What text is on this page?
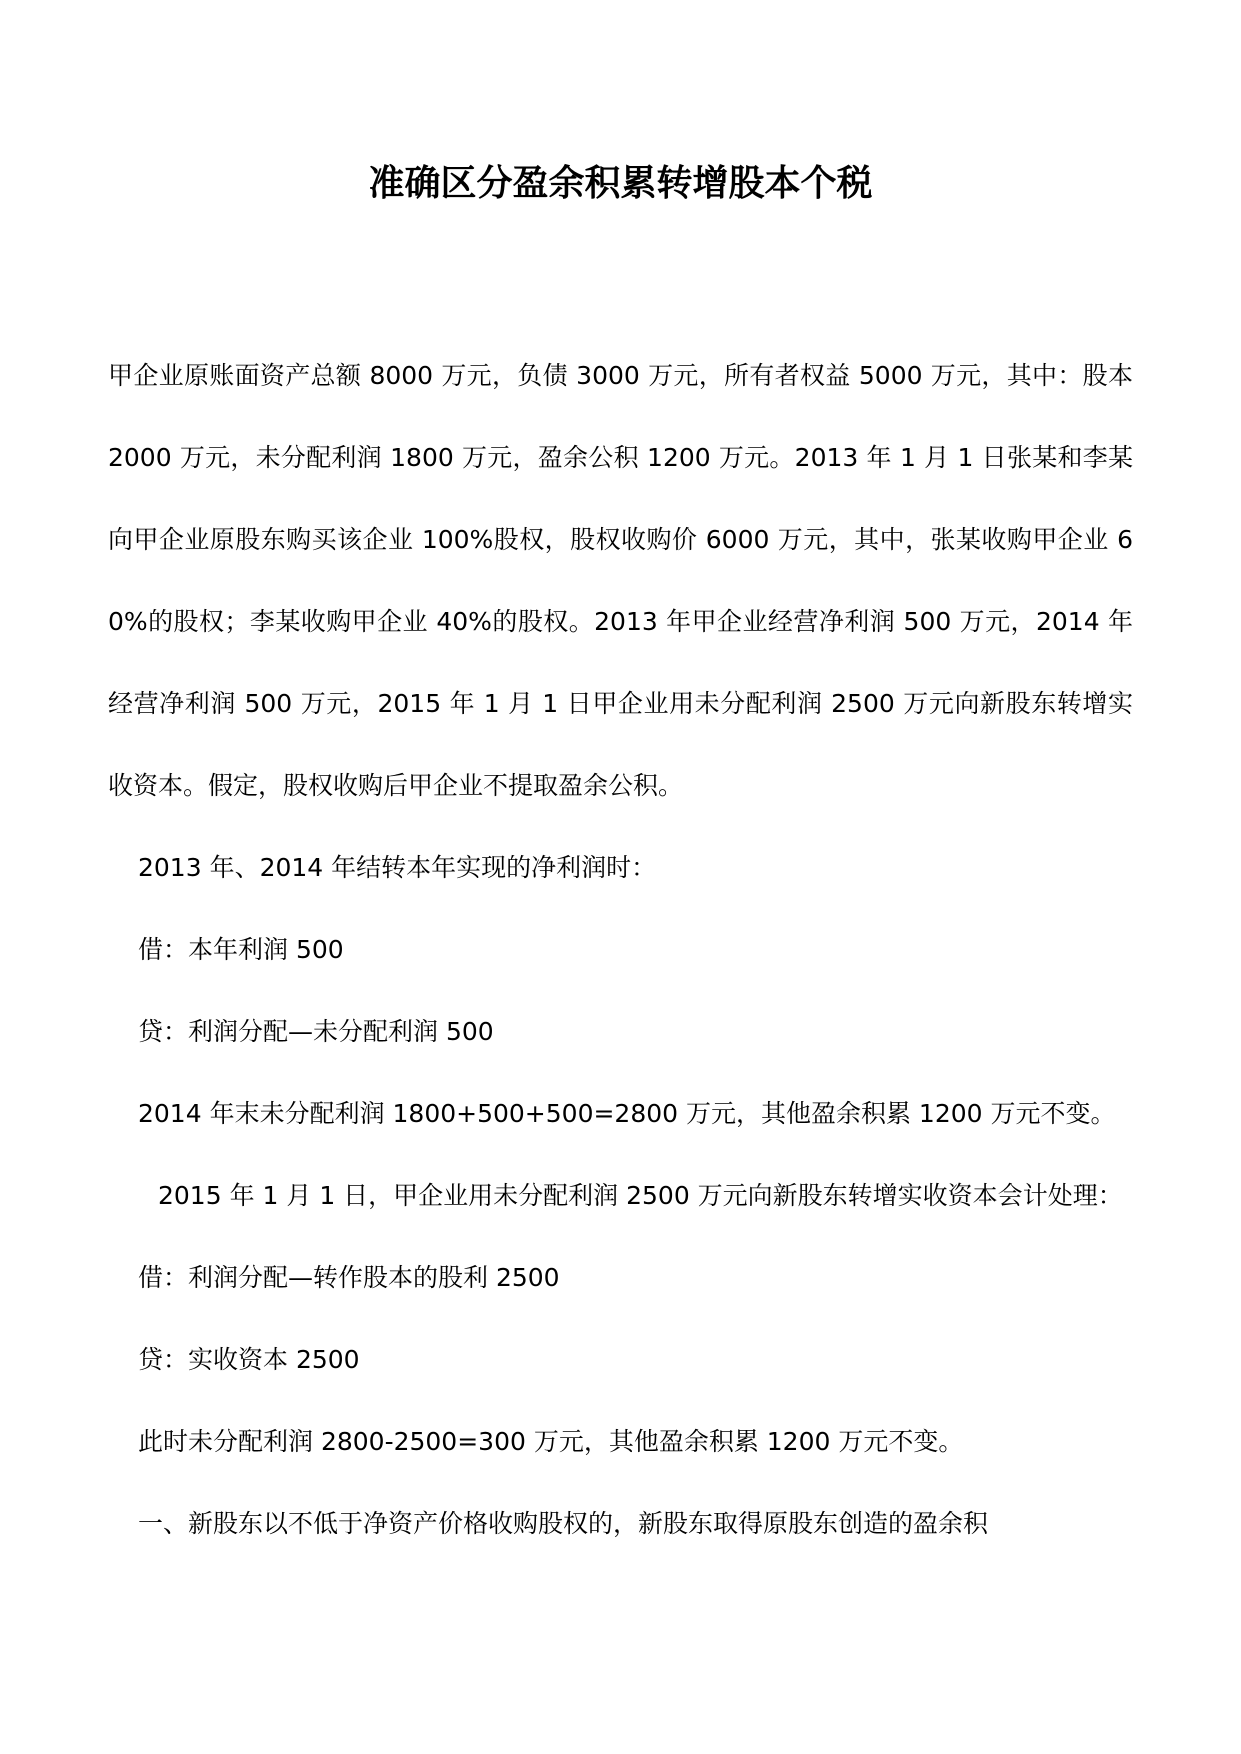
准确区分盈余积累转增股本个税

甲企业原账面资产总额 8000 万元，负债 3000 万元，所有者权益 5000 万元，其中：股本 2000 万元，未分配利润 1800 万元，盈余公积 1200 万元。2013 年 1 月 1 日张某和李某向甲企业原股东购买该企业 100%股权，股权收购价 6000 万元，其中，张某收购甲企业 60%的股权；李某收购甲企业 40%的股权。2013 年甲企业经营净利润 500 万元，2014 年经营净利润 500 万元，2015 年 1 月 1 日甲企业用未分配利润 2500 万元向新股东转增实收资本。假定，股权收购后甲企业不提取盈余公积。

2013 年、2014 年结转本年实现的净利润时：

借：本年利润 500

贷：利润分配—未分配利润 500

2014 年末未分配利润 1800+500+500=2800 万元，其他盈余积累 1200 万元不变。

2015 年 1 月 1 日，甲企业用未分配利润 2500 万元向新股东转增实收资本会计处理：

借：利润分配—转作股本的股利 2500

贷：实收资本 2500

此时未分配利润 2800-2500=300 万元，其他盈余积累 1200 万元不变。

一、新股东以不低于净资产价格收购股权的，新股东取得原股东创造的盈余积
